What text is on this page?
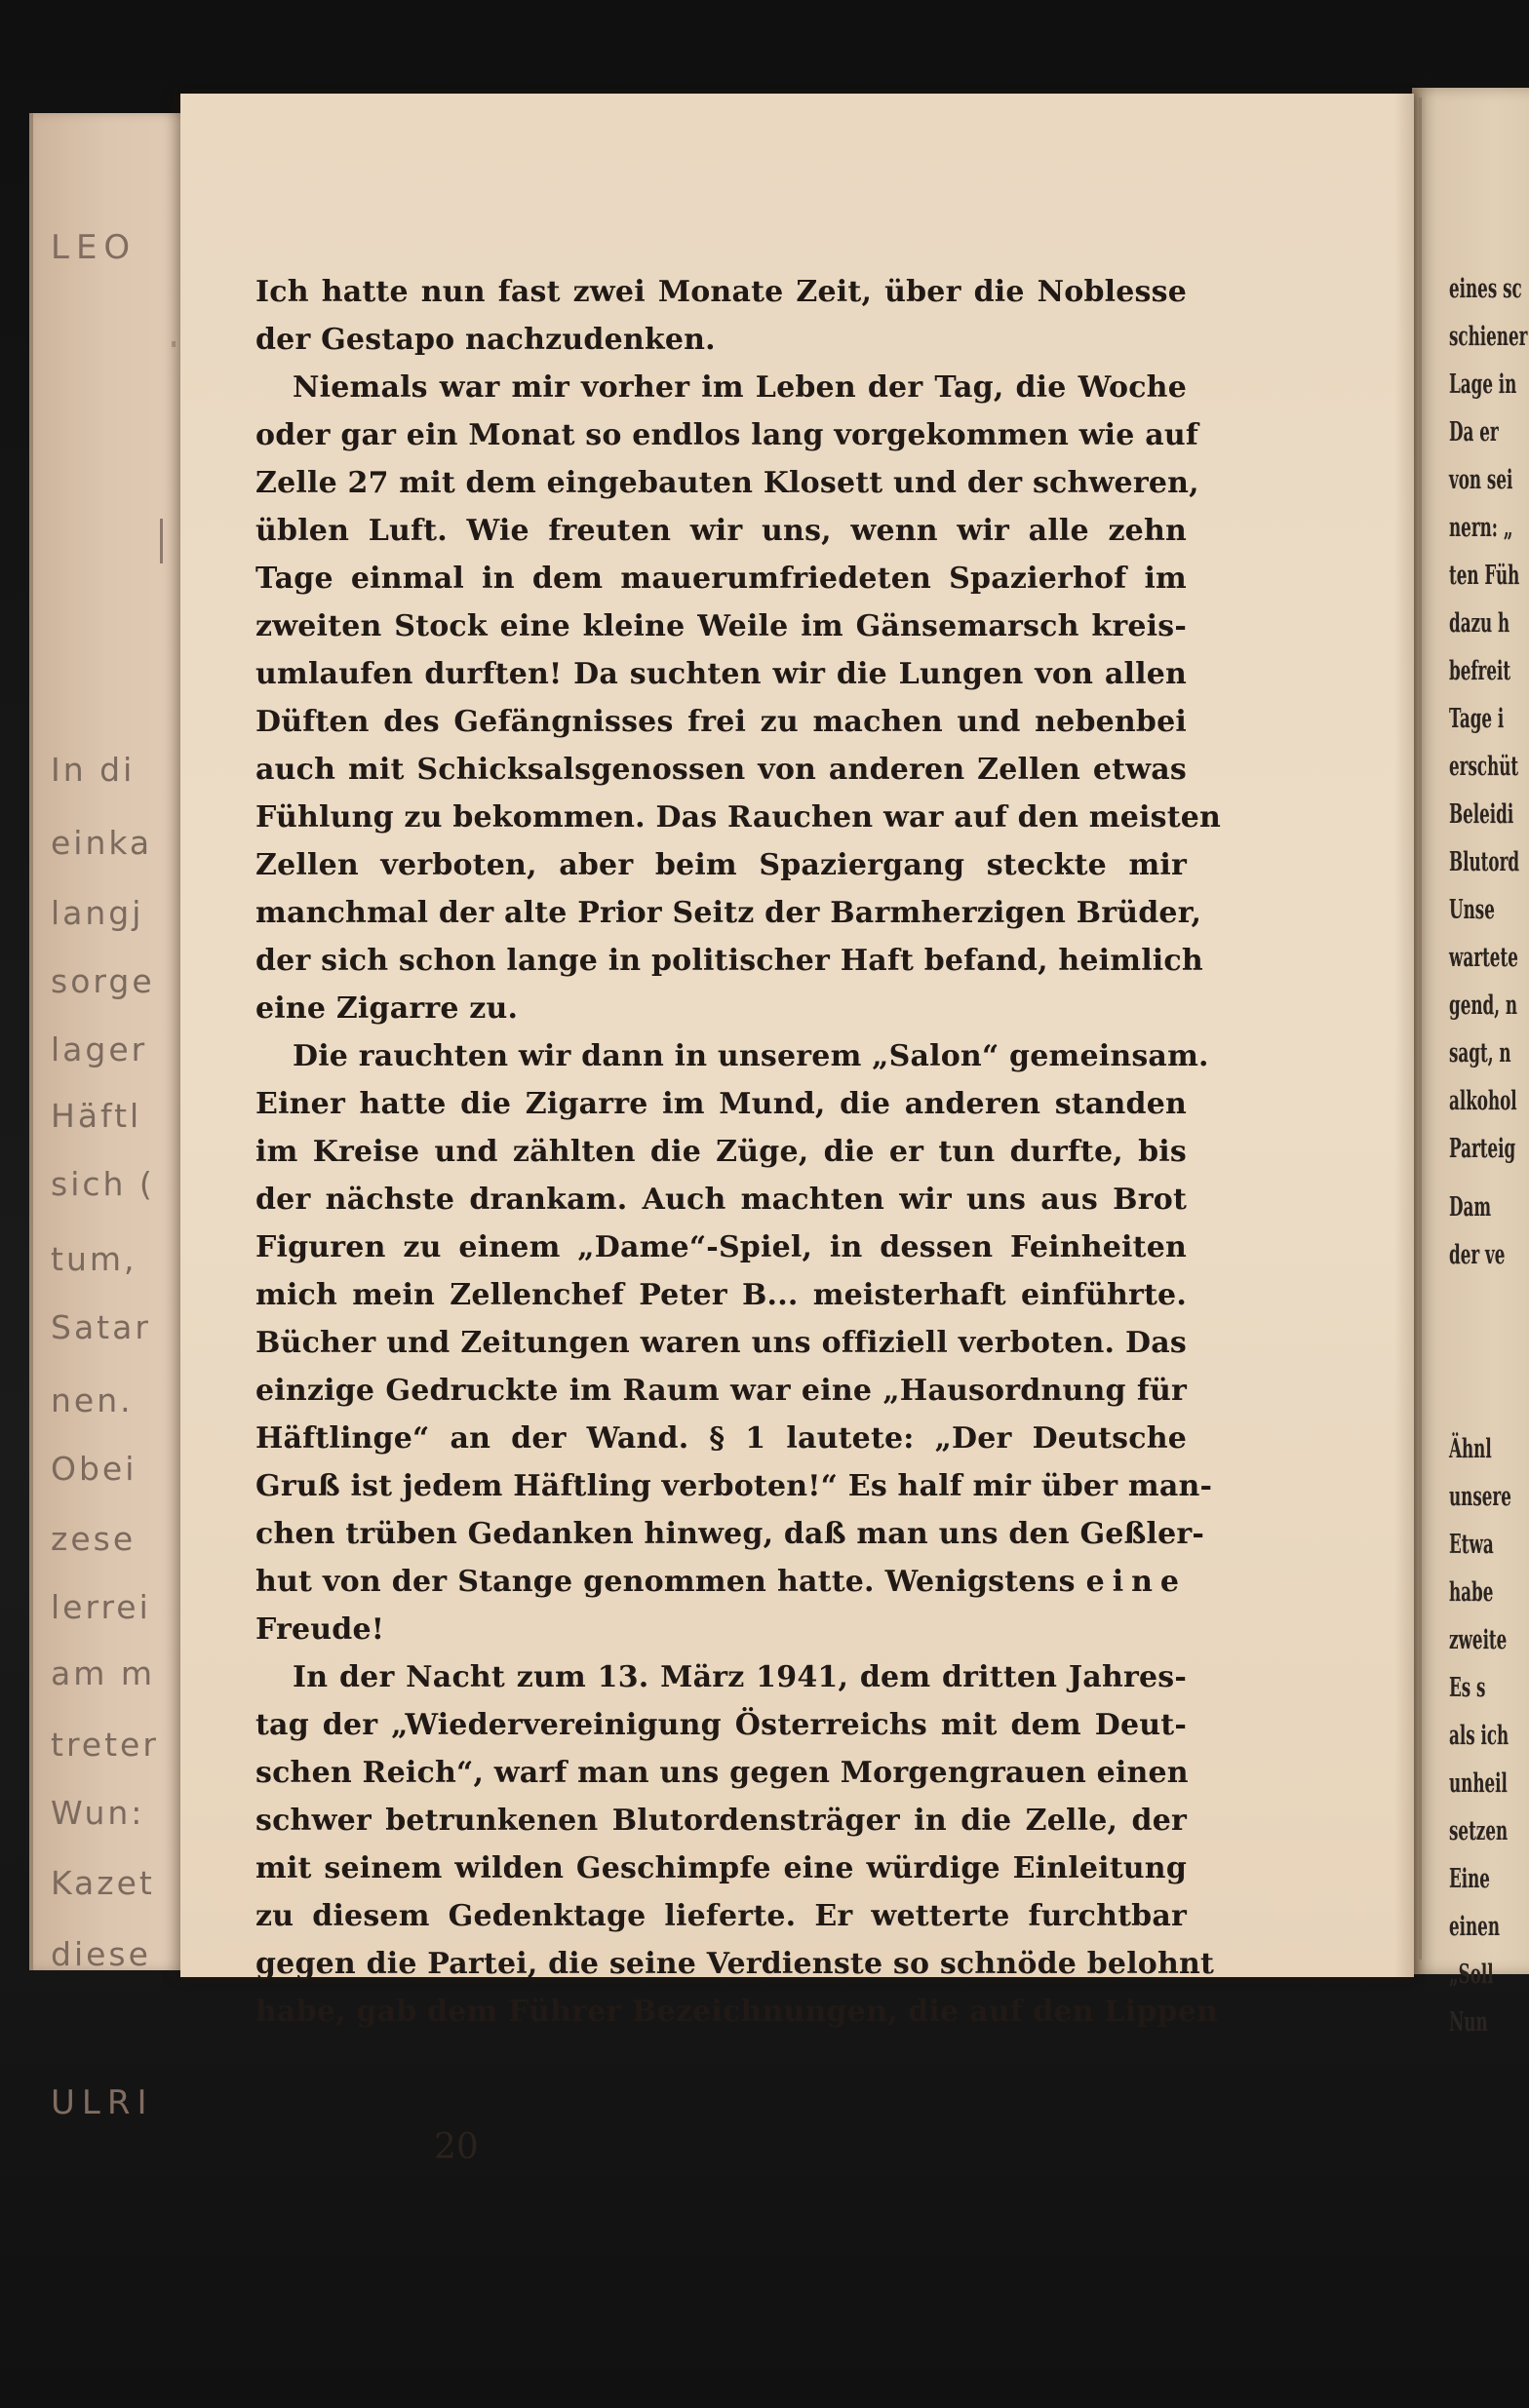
LEO

In di

einka

langj

sorge

lager

Häftl

sich (

tum,

Satar

nen.

Obei

zese

lerrei

am m

treter

Wun:

Kazet

diese

ULRI

eines sc

schiener

Lage in

Da er

von sei

nern: „

ten Füh

dazu h

befreit

Tage i

erschüt

Beleidi

Blutord

Unse

wartete

gend, n

sagt, n

alkohol

Parteig

Dam

der ve

Ähnl

unsere

Etwa

habe

zweite

Es s

als ich

unheil

setzen

Eine

einen

„Soll

Nun

Ich hatte nun fast zwei Monate Zeit, über die Noblesse

der Gestapo nachzudenken.

Niemals war mir vorher im Leben der Tag, die Woche

oder gar ein Monat so endlos lang vorgekommen wie auf

Zelle 27 mit dem eingebauten Klosett und der schweren,

üblen Luft. Wie freuten wir uns, wenn wir alle zehn

Tage einmal in dem mauerumfriedeten Spazierhof im

zweiten Stock eine kleine Weile im Gänsemarsch kreis-

umlaufen durften! Da suchten wir die Lungen von allen

Düften des Gefängnisses frei zu machen und nebenbei

auch mit Schicksalsgenossen von anderen Zellen etwas

Fühlung zu bekommen. Das Rauchen war auf den meisten

Zellen verboten, aber beim Spaziergang steckte mir

manchmal der alte Prior Seitz der Barmherzigen Brüder,

der sich schon lange in politischer Haft befand, heimlich

eine Zigarre zu.

Die rauchten wir dann in unserem „Salon“ gemeinsam.

Einer hatte die Zigarre im Mund, die anderen standen

im Kreise und zählten die Züge, die er tun durfte, bis

der nächste drankam. Auch machten wir uns aus Brot

Figuren zu einem „Dame“-Spiel, in dessen Feinheiten

mich mein Zellenchef Peter B... meisterhaft einführte.

Bücher und Zeitungen waren uns offiziell verboten. Das

einzige Gedruckte im Raum war eine „Hausordnung für

Häftlinge“ an der Wand. § 1 lautete: „Der Deutsche

Gruß ist jedem Häftling verboten!“ Es half mir über man-

chen trüben Gedanken hinweg, daß man uns den Geßler-

hut von der Stange genommen hatte. Wenigstens eine

Freude!

In der Nacht zum 13. März 1941, dem dritten Jahres-

tag der „Wiedervereinigung Österreichs mit dem Deut-

schen Reich“, warf man uns gegen Morgengrauen einen

schwer betrunkenen Blutordensträger in die Zelle, der

mit seinem wilden Geschimpfe eine würdige Einleitung

zu diesem Gedenktage lieferte. Er wetterte furchtbar

gegen die Partei, die seine Verdienste so schnöde belohnt

habe, gab dem Führer Bezeichnungen, die auf den Lippen

20
